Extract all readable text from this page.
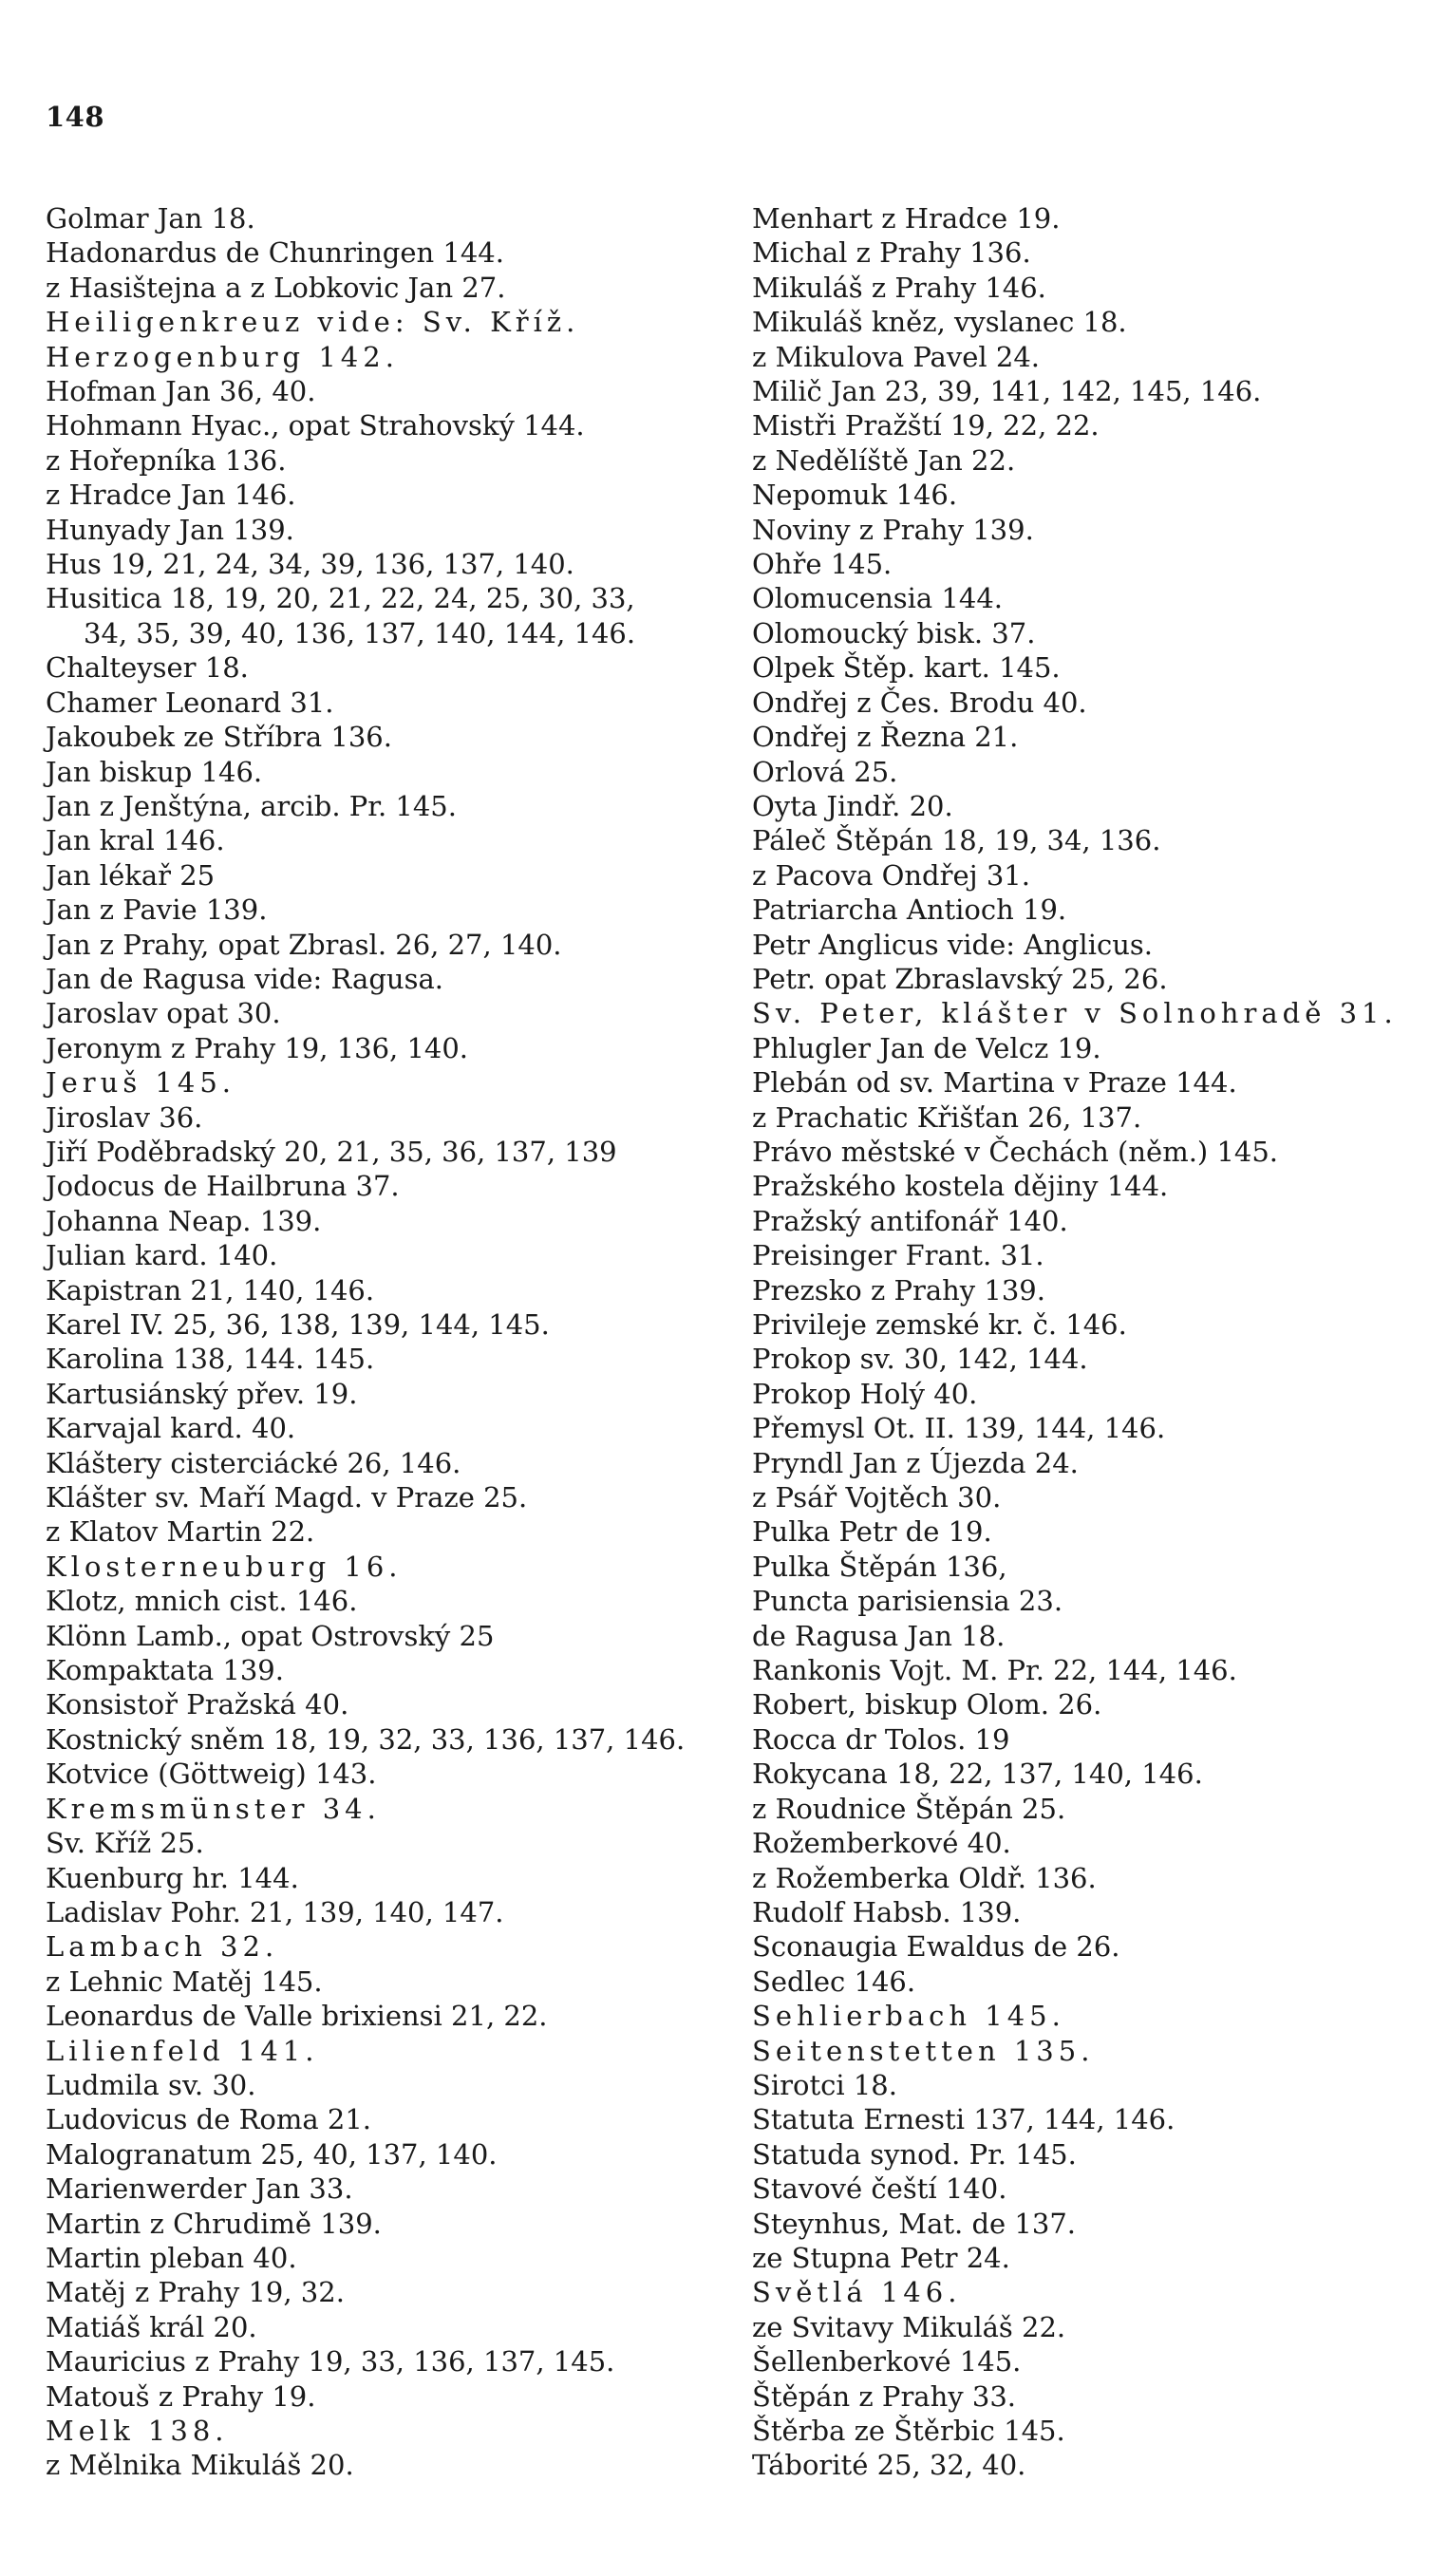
148
Golmar Jan 18.
Hadonardus de Chunringen 144.
z Hasištejna a z Lobkovic Jan 27.
Heiligenkreuz vide: Sv. Kříž.
Herzogenburg 142.
Hofman Jan 36, 40.
Hohmann Hyac., opat Strahovský 144.
z Hořepníka 136.
z Hradce Jan 146.
Hunyady Jan 139.
Hus 19, 21, 24, 34, 39, 136, 137, 140.
Husitica 18, 19, 20, 21, 22, 24, 25, 30, 33,
34, 35, 39, 40, 136, 137, 140, 144, 146.
Chalteyser 18.
Chamer Leonard 31.
Jakoubek ze Stříbra 136.
Jan biskup 146.
Jan z Jenštýna, arcib. Pr. 145.
Jan kral 146.
Jan lékař 25
Jan z Pavie 139.
Jan z Prahy, opat Zbrasl. 26, 27, 140.
Jan de Ragusa vide: Ragusa.
Jaroslav opat 30.
Jeronym z Prahy 19, 136, 140.
Jeruš 145.
Jiroslav 36.
Jiří Poděbradský 20, 21, 35, 36, 137, 139
Jodocus de Hailbruna 37.
Johanna Neap. 139.
Julian kard. 140.
Kapistran 21, 140, 146.
Karel IV. 25, 36, 138, 139, 144, 145.
Karolina 138, 144. 145.
Kartusiánský přev. 19.
Karvajal kard. 40.
Kláštery cisterciácké 26, 146.
Klášter sv. Maří Magd. v Praze 25.
z Klatov Martin 22.
Klosterneuburg 16.
Klotz, mnich cist. 146.
Klönn Lamb., opat Ostrovský 25
Kompaktata 139.
Konsistoř Pražská 40.
Kostnický sněm 18, 19, 32, 33, 136, 137, 146.
Kotvice (Göttweig) 143.
Kremsmünster 34.
Sv. Kříž 25.
Kuenburg hr. 144.
Ladislav Pohr. 21, 139, 140, 147.
Lambach 32.
z Lehnic Matěj 145.
Leonardus de Valle brixiensi 21, 22.
Lilienfeld 141.
Ludmila sv. 30.
Ludovicus de Roma 21.
Malogranatum 25, 40, 137, 140.
Marienwerder Jan 33.
Martin z Chrudimě 139.
Martin pleban 40.
Matěj z Prahy 19, 32.
Matiáš král 20.
Mauricius z Prahy 19, 33, 136, 137, 145.
Matouš z Prahy 19.
Melk 138.
z Mělnika Mikuláš 20.
Menhart z Hradce 19.
Michal z Prahy 136.
Mikuláš z Prahy 146.
Mikuláš kněz, vyslanec 18.
z Mikulova Pavel 24.
Milič Jan 23, 39, 141, 142, 145, 146.
Mistři Pražští 19, 22, 22.
z Nedělíště Jan 22.
Nepomuk 146.
Noviny z Prahy 139.
Ohře 145.
Olomucensia 144.
Olomoucký bisk. 37.
Olpek Štěp. kart. 145.
Ondřej z Čes. Brodu 40.
Ondřej z Řezna 21.
Orlová 25.
Oyta Jindř. 20.
Páleč Štěpán 18, 19, 34, 136.
z Pacova Ondřej 31.
Patriarcha Antioch 19.
Petr Anglicus vide: Anglicus.
Petr. opat Zbraslavský 25, 26.
Sv. Peter, klášter v Solnohradě 31.
Phlugler Jan de Velcz 19.
Plebán od sv. Martina v Praze 144.
z Prachatic Křišťan 26, 137.
Právo městské v Čechách (něm.) 145.
Pražského kostela dějiny 144.
Pražský antifonář 140.
Preisinger Frant. 31.
Prezsko z Prahy 139.
Privileje zemské kr. č. 146.
Prokop sv. 30, 142, 144.
Prokop Holý 40.
Přemysl Ot. II. 139, 144, 146.
Pryndl Jan z Újezda 24.
z Psář Vojtěch 30.
Pulka Petr de 19.
Pulka Štěpán 136,
Puncta parisiensia 23.
de Ragusa Jan 18.
Rankonis Vojt. M. Pr. 22, 144, 146.
Robert, biskup Olom. 26.
Rocca dr Tolos. 19
Rokycana 18, 22, 137, 140, 146.
z Roudnice Štěpán 25.
Rožemberkové 40.
z Rožemberka Oldř. 136.
Rudolf Habsb. 139.
Sconaugia Ewaldus de 26.
Sedlec 146.
Sehlierbach 145.
Seitenstetten 135.
Sirotci 18.
Statuta Ernesti 137, 144, 146.
Statuda synod. Pr. 145.
Stavové čeští 140.
Steynhus, Mat. de 137.
ze Stupna Petr 24.
Světlá 146.
ze Svitavy Mikuláš 22.
Šellenberkové 145.
Štěpán z Prahy 33.
Štěrba ze Štěrbic 145.
Táborité 25, 32, 40.
